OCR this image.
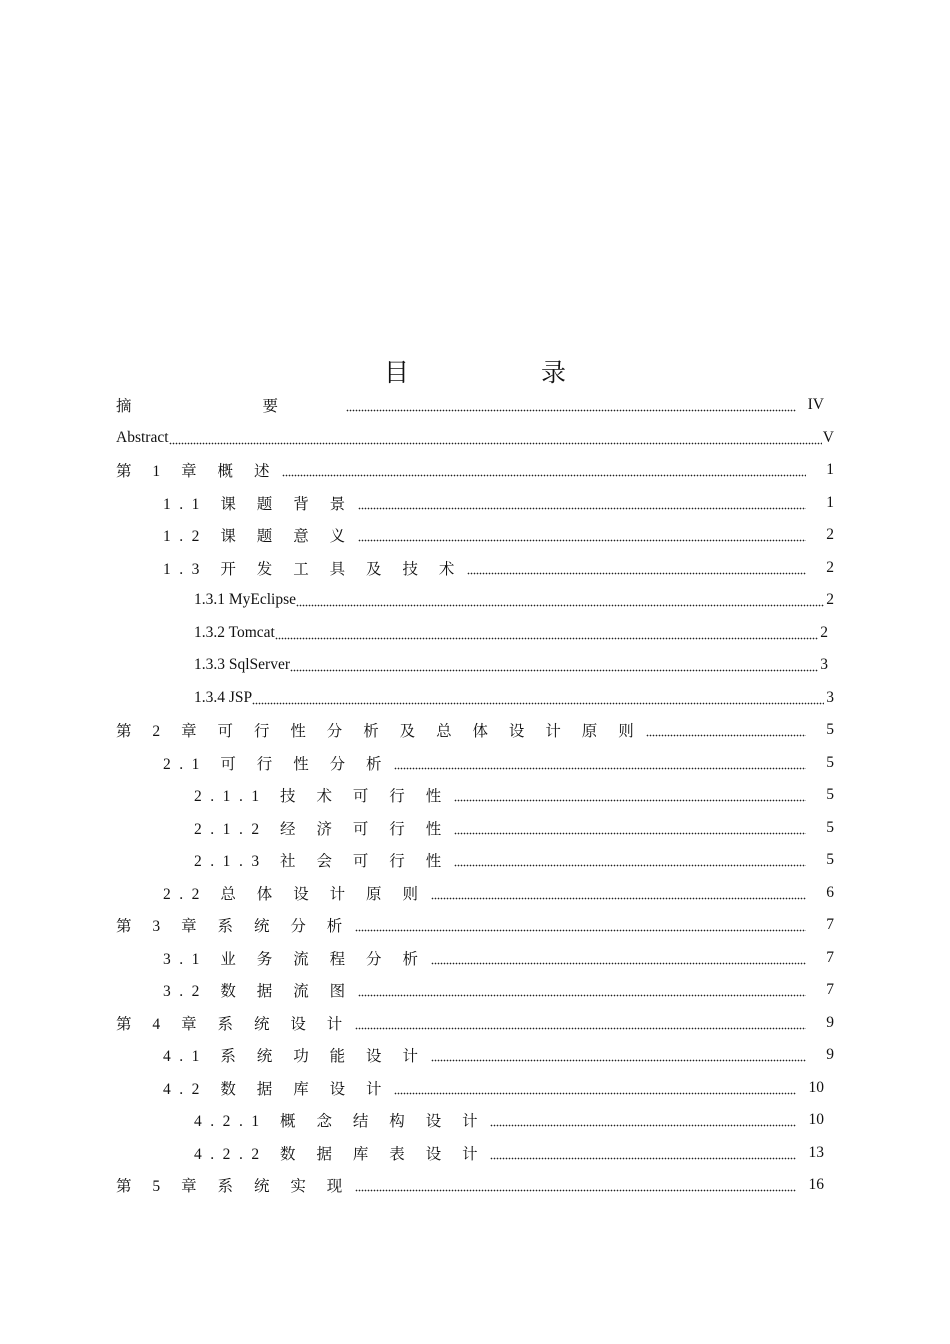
目 录
摘 要	IV
Abstract	V
第 1 章 概 述	1
1.1 课 题 背 景	1
1.2 课 题 意 义	2
1.3 开 发 工 具 及 技 术	2
1.3.1 MyEclipse	2
1.3.2 Tomcat	2
1.3.3 SqlServer	3
1.3.4 JSP	3
第 2 章 可 行 性 分 析 及 总 体 设 计 原 则	5
2.1 可 行 性 分 析	5
2.1.1 技 术 可 行 性	5
2.1.2 经 济 可 行 性	5
2.1.3 社 会 可 行 性	5
2.2 总 体 设 计 原 则	6
第 3 章 系 统 分 析	7
3.1 业 务 流 程 分 析	7
3.2 数 据 流 图	7
第 4 章 系 统 设 计	9
4.1 系 统 功 能 设 计	9
4.2 数 据 库 设 计	10
4.2.1 概 念 结 构 设 计	10
4.2.2 数 据 库 表 设 计	13
第 5 章 系 统 实 现	16
